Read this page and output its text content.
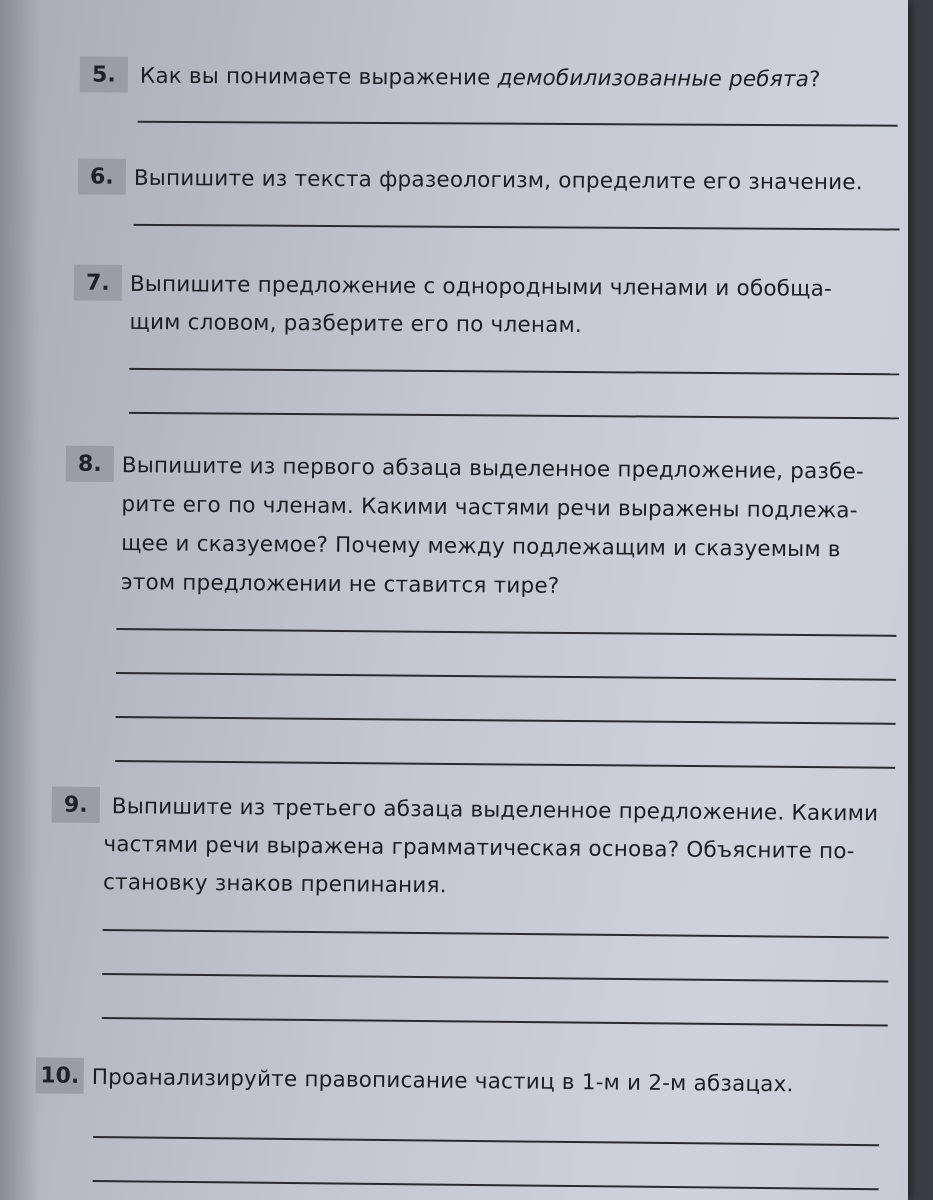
5.	Как вы понимаете выражение демобилизованные ребята?
6. Выпишите из текста фразеологизм, определите его значение.
7. Выпишите предложение с однородными членами и обобща-
щим словом, разберите его по членам.
8. Выпишите из первого абзаца выделенное предложение, разбе-
рите его по членам. Какими частями речи выражены подлежа-
щее и сказуемое? Почему между подлежащим и сказуемым в
этом предложении не ставится тире?
9.	Выпишите из третьего абзаца выделенное предложение. Какими
частями речи выражена грамматическая основа? Объясните по-
становку знаков препинания.
10. Проанализируйте правописание частиц в 1-м и 2-м абзацах.
